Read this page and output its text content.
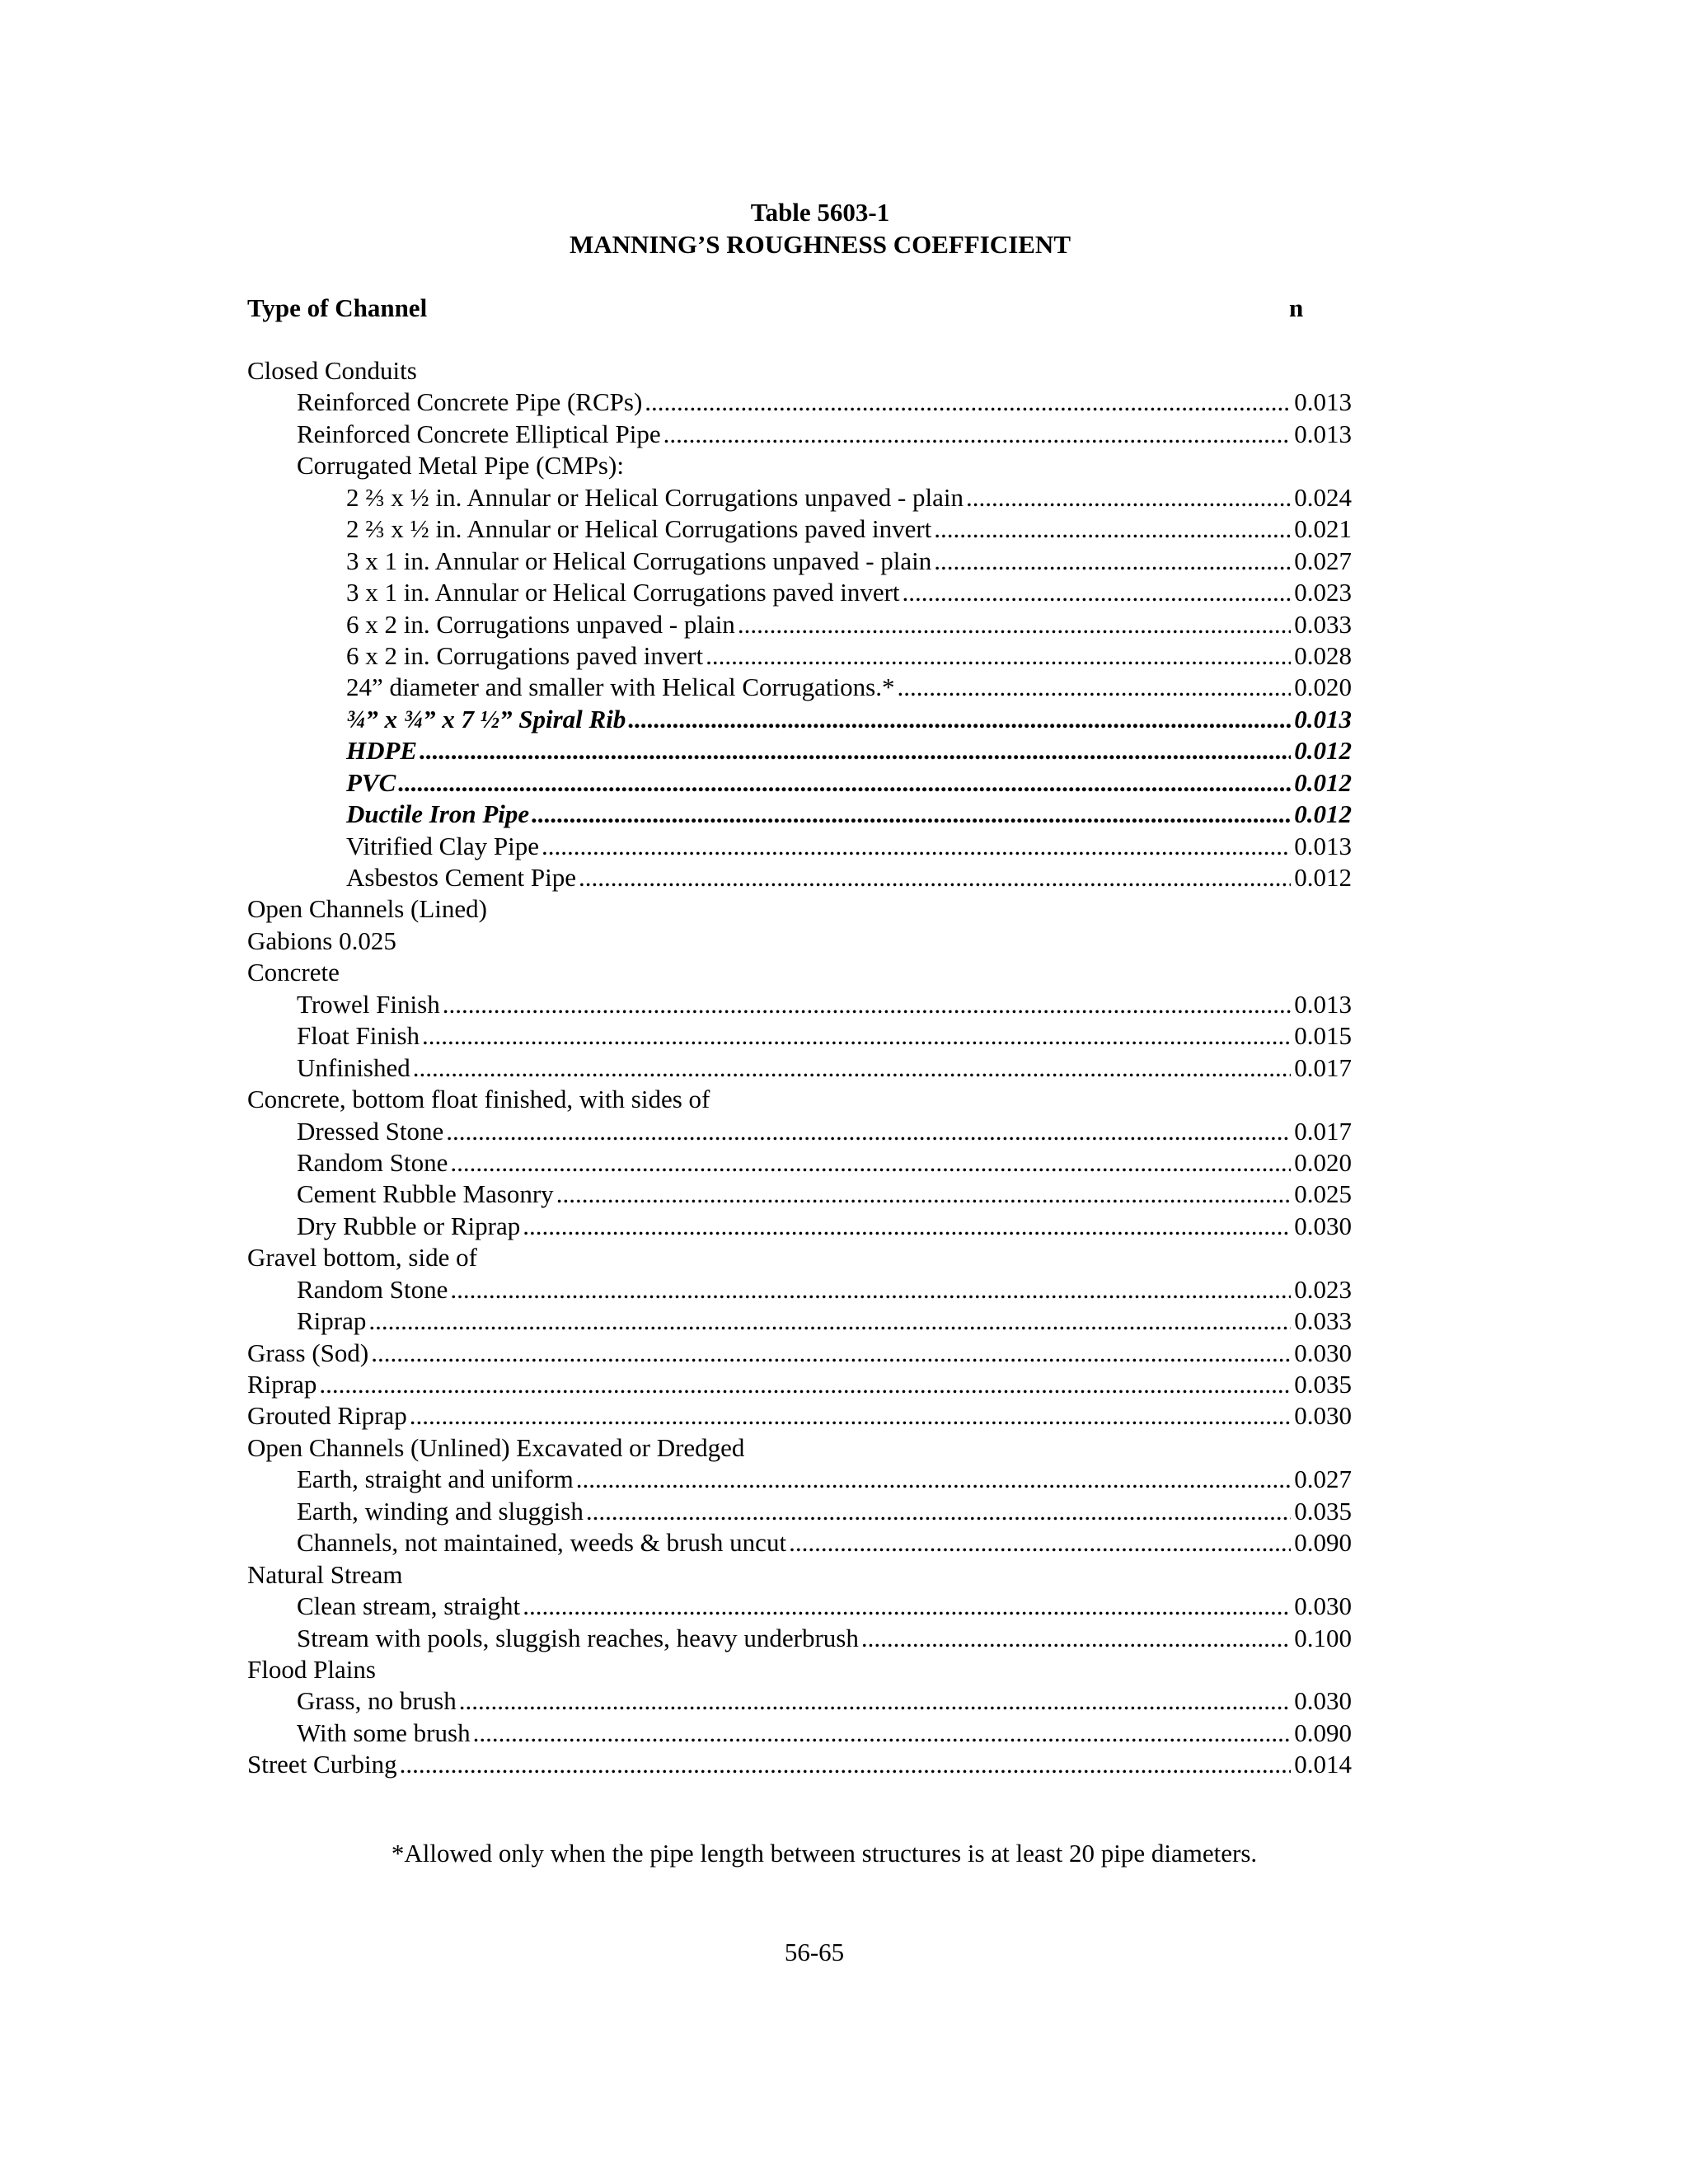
Table 5603-1
MANNING’S ROUGHNESS COEFFICIENT
Type of Channel	n
Closed Conduits
Reinforced Concrete Pipe (RCPs) .....	0.013
Reinforced Concrete Elliptical Pipe .....	0.013
Corrugated Metal Pipe (CMPs):
2 ⅔ x ½ in. Annular or Helical Corrugations unpaved - plain .....	0.024
2 ⅔ x ½ in. Annular or Helical Corrugations paved invert .....	0.021
3 x 1 in. Annular or Helical Corrugations unpaved - plain .....	0.027
3 x 1 in. Annular or Helical Corrugations paved invert .....	0.023
6 x 2 in. Corrugations unpaved - plain .....	0.033
6 x 2 in. Corrugations paved invert .....	0.028
24” diameter and smaller with Helical Corrugations.* .....	0.020
¾” x ¾” x 7 ½” Spiral Rib .....	0.013
HDPE .....	0.012
PVC .....	0.012
Ductile Iron Pipe .....	0.012
Vitrified Clay Pipe .....	0.013
Asbestos Cement Pipe .....	0.012
Open Channels (Lined)
Gabions 0.025
Concrete
Trowel Finish .....	0.013
Float Finish .....	0.015
Unfinished .....	0.017
Concrete, bottom float finished, with sides of
Dressed Stone .....	0.017
Random Stone .....	0.020
Cement Rubble Masonry .....	0.025
Dry Rubble or Riprap .....	0.030
Gravel bottom, side of
Random Stone .....	0.023
Riprap .....	0.033
Grass (Sod) .....	0.030
Riprap .....	0.035
Grouted Riprap .....	0.030
Open Channels (Unlined) Excavated or Dredged
Earth, straight and uniform .....	0.027
Earth, winding and sluggish .....	0.035
Channels, not maintained, weeds & brush uncut .....	0.090
Natural Stream
Clean stream, straight .....	0.030
Stream with pools, sluggish reaches, heavy underbrush .....	0.100
Flood Plains
Grass, no brush .....	0.030
With some brush .....	0.090
Street Curbing .....	0.014
*Allowed only when the pipe length between structures is at least 20 pipe diameters.
56-65
